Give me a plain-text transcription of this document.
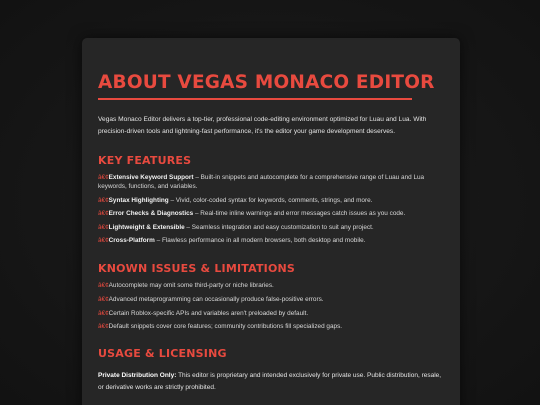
ABOUT VEGAS MONACO EDITOR
Vegas Monaco Editor delivers a top-tier, professional code-editing environment optimized for Luau and Lua. With precision-driven tools and lightning-fast performance, it's the editor your game development deserves.
KEY FEATURES
â€¢Extensive Keyword Support – Built-in snippets and autocomplete for a comprehensive range of Luau and Lua keywords, functions, and variables.
â€¢Syntax Highlighting – Vivid, color-coded syntax for keywords, comments, strings, and more.
â€¢Error Checks & Diagnostics – Real-time inline warnings and error messages catch issues as you code.
â€¢Lightweight & Extensible – Seamless integration and easy customization to suit any project.
â€¢Cross-Platform – Flawless performance in all modern browsers, both desktop and mobile.
KNOWN ISSUES & LIMITATIONS
â€¢Autocomplete may omit some third-party or niche libraries.
â€¢Advanced metaprogramming can occasionally produce false-positive errors.
â€¢Certain Roblox-specific APIs and variables aren't preloaded by default.
â€¢Default snippets cover core features; community contributions fill specialized gaps.
USAGE & LICENSING
Private Distribution Only: This editor is proprietary and intended exclusively for private use. Public distribution, resale, or derivative works are strictly prohibited.
